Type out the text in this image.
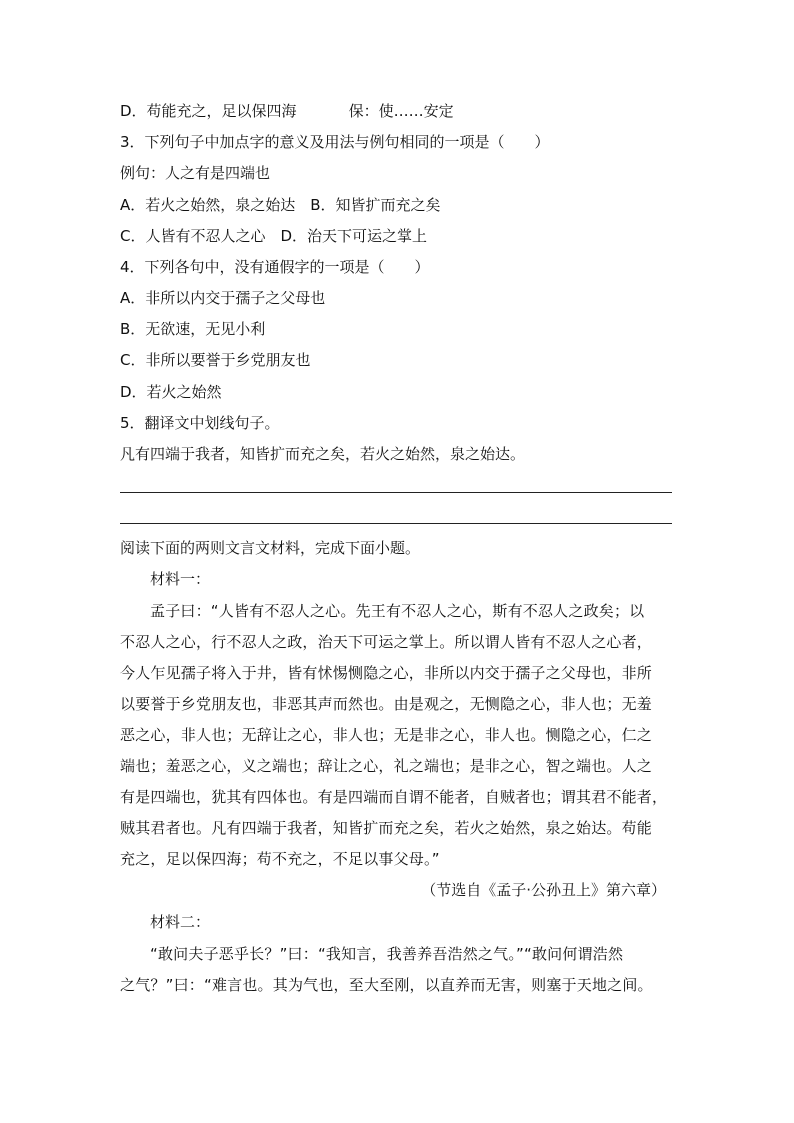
D．苟能充之，足以保四海	保：使……安定
3．下列句子中加点字的意义及用法与例句相同的一项是（　　）
例句：人之有是四端也
A．若火之始然，泉之始达　B．知皆扩而充之矣
C．人皆有不忍人之心　D．治天下可运之掌上
4．下列各句中，没有通假字的一项是（　　）
A．非所以内交于孺子之父母也
B．无欲速，无见小利
C．非所以要誉于乡党朋友也
D．若火之始然
5．翻译文中划线句子。
凡有四端于我者，知皆扩而充之矣，若火之始然，泉之始达。
阅读下面的两则文言文材料，完成下面小题。
材料一：
孟子曰：“人皆有不忍人之心。先王有不忍人之心，斯有不忍人之政矣；以
不忍人之心，行不忍人之政，治天下可运之掌上。所以谓人皆有不忍人之心者，
今人乍见孺子将入于井，皆有怵惕恻隐之心，非所以内交于孺子之父母也，非所
以要誉于乡党朋友也，非恶其声而然也。由是观之，无恻隐之心，非人也；无羞
恶之心，非人也；无辞让之心，非人也；无是非之心，非人也。恻隐之心，仁之
端也；羞恶之心，义之端也；辞让之心，礼之端也；是非之心，智之端也。人之
有是四端也，犹其有四体也。有是四端而自谓不能者，自贼者也；谓其君不能者，
贼其君者也。凡有四端于我者，知皆扩而充之矣，若火之始然，泉之始达。苟能
充之，足以保四海；苟不充之，不足以事父母。”
（节选自《孟子·公孙丑上》第六章）
材料二：
“敢问夫子恶乎长？”曰：“我知言，我善养吾浩然之气。”“敢问何谓浩然
之气？”曰：“难言也。其为气也，至大至刚，以直养而无害，则塞于天地之间。
